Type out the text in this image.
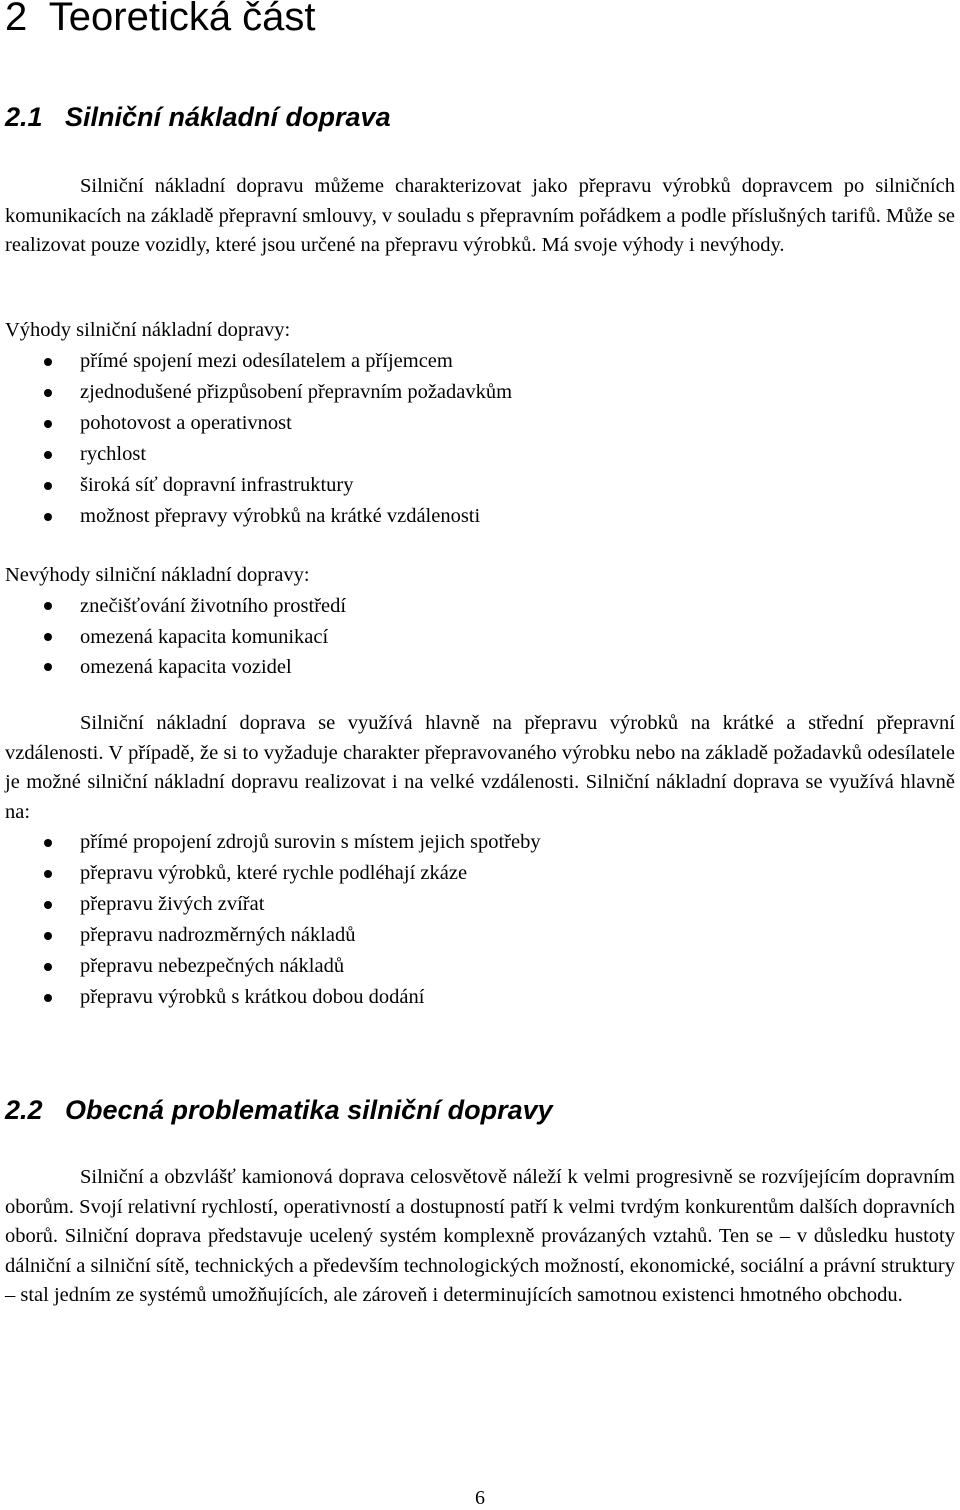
2 Teoretická část
2.1 Silniční nákladní doprava

Silniční nákladní dopravu můžeme charakterizovat jako přepravu výrobků dopravcem po silničních komunikacích na základě přepravní smlouvy, v souladu s přepravním pořádkem a podle příslušných tarifů. Může se realizovat pouze vozidly, které jsou určené na přepravu výrobků. Má svoje výhody i nevýhody.

Výhody silniční nákladní dopravy:

přímé spojení mezi odesílatelem a příjemcem
zjednodušené přizpůsobení přepravním požadavkům
pohotovost a operativnost
rychlost
široká síť dopravní infrastruktury
možnost přepravy výrobků na krátké vzdálenosti

Nevýhody silniční nákladní dopravy:

znečišťování životního prostředí
omezená kapacita komunikací
omezená kapacita vozidel

Silniční nákladní doprava se využívá hlavně na přepravu výrobků na krátké a střední přepravní vzdálenosti. V případě, že si to vyžaduje charakter přepravovaného výrobku nebo na základě požadavků odesílatele je možné silniční nákladní dopravu realizovat i na velké vzdálenosti. Silniční nákladní doprava se využívá hlavně na:

přímé propojení zdrojů surovin s místem jejich spotřeby
přepravu výrobků, které rychle podléhají zkáze
přepravu živých zvířat
přepravu nadrozměrných nákladů
přepravu nebezpečných nákladů
přepravu výrobků s krátkou dobou dodání
2.2 Obecná problematika silniční dopravy

Silniční a obzvlášť kamionová doprava celosvětově náleží k velmi progresivně se rozvíjejícím dopravním oborům. Svojí relativní rychlostí, operativností a dostupností patří k velmi tvrdým konkurentům dalších dopravních oborů. Silniční doprava představuje ucelený systém komplexně provázaných vztahů. Ten se – v důsledku hustoty dálniční a silniční sítě, technických a především technologických možností, ekonomické, sociální a právní struktury – stal jedním ze systémů umožňujících, ale zároveň i determinujících samotnou existenci hmotného obchodu.

6
